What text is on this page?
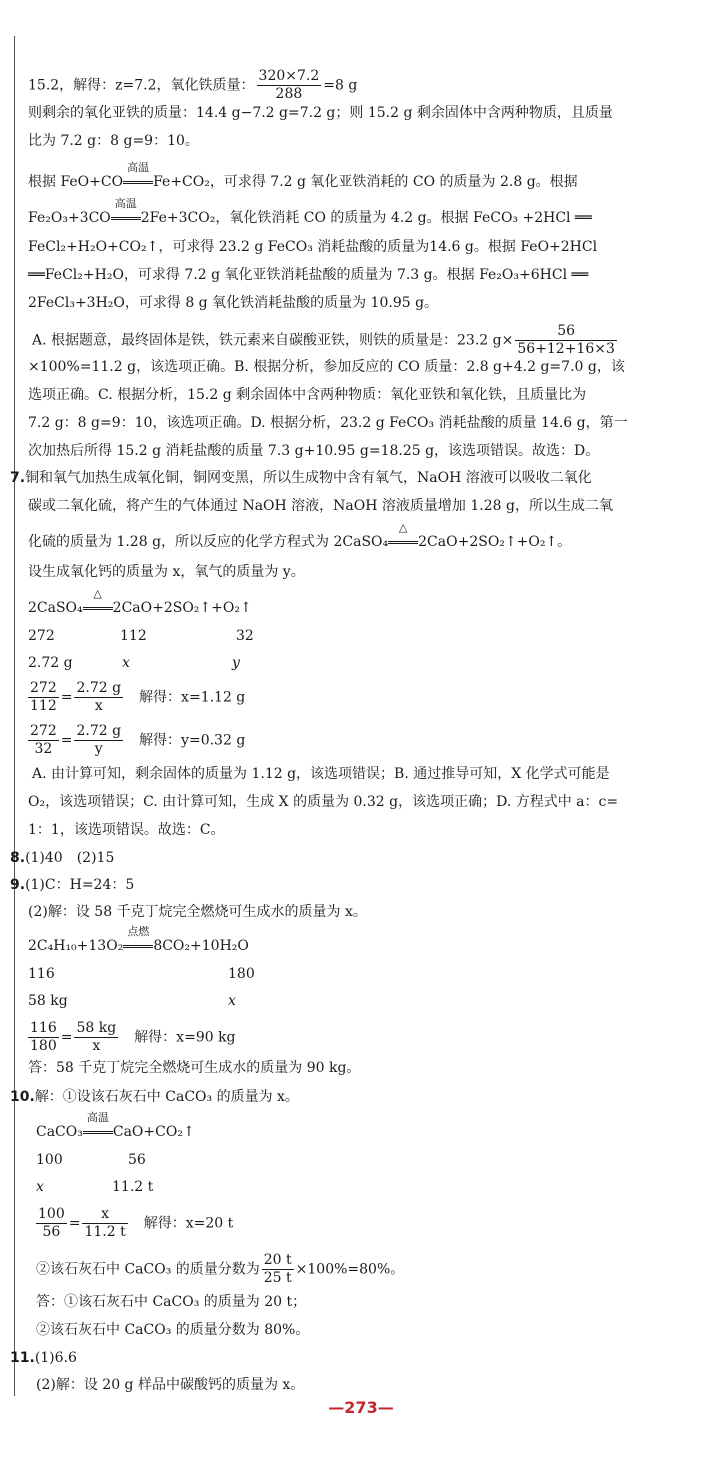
15.2，解得：z=7.2，氧化铁质量： $\frac{320\times 7.2}{288} =8$ g
则剩余的氧化亚铁的质量：14.4 g−7.2 g=7.2 g；则 15.2 g 剩余固体中含两种物质，且质量
比为 7.2 g：8 g=9：10。
根据 FeO+CO
高温
Fe+CO₂，可求得 7.2 g 氧化亚铁消耗的 CO 的质量为 2.8 g。根据
Fe₂O₃+3CO
高温
2Fe+3CO₂，氧化铁消耗 CO 的质量为 4.2 g。根据 FeCO₃ +2HCl ══
FeCl₂+H₂O+CO₂↑，可求得 23.2 g FeCO₃ 消耗盐酸的质量为14.6 g。根据 FeO+2HCl
══FeCl₂+H₂O，可求得 7.2 g 氧化亚铁消耗盐酸的质量为 7.3 g。根据 Fe₂O₃+6HCl ══
2FeCl₃+3H₂O，可求得 8 g 氧化铁消耗盐酸的质量为 10.95 g。
A. 根据题意，最终固体是铁，铁元素来自碳酸亚铁，则铁的质量是：23.2 $g\times \frac{56}{56+12+16\times 3}$
×100%=11.2 g，该选项正确。B. 根据分析，参加反应的 CO 质量：2.8 g+4.2 g=7.0 g，该
选项正确。C. 根据分析，15.2 g 剩余固体中含两种物质：氧化亚铁和氧化铁，且质量比为
7.2 g：8 g=9：10，该选项正确。D. 根据分析，23.2 g FeCO₃ 消耗盐酸的质量 14.6 g，第一
次加热后所得 15.2 g 消耗盐酸的质量 7.3 g+10.95 g=18.25 g，该选项错误。故选：D。
7.铜和氧气加热生成氧化铜，铜网变黑，所以生成物中含有氧气，NaOH 溶液可以吸收二氧化
碳或二氧化硫，将产生的气体通过 NaOH 溶液，NaOH 溶液质量增加 1.28 g，所以生成二氧
化硫的质量为 1.28 g，所以反应的化学方程式为 2CaSO₄
△
2CaO+2SO₂↑+O₂↑。
设生成氧化钙的质量为 x，氧气的质量为 y。
2CaSO₄
△
2CaO+2SO₂↑+O₂↑
272	112	32
2.72 g	x	y
$\frac{272}{112} = \frac{2.72 g}{x}$
　 解得：x=1.12 g
$\frac{272}{32} = \frac{2.72 g}{y}$
　 解得：y=0.32 g
A. 由计算可知，剩余固体的质量为 1.12 g，该选项错误；B. 通过推导可知，X 化学式可能是
O₂，该选项错误；C. 由计算可知，生成 X 的质量为 0.32 g，该选项正确；D. 方程式中 a：c=
1：1，该选项错误。故选：C。
8.(1)40　(2)15
9.(1)C：H=24：5
(2)解：设 58 千克丁烷完全燃烧可生成水的质量为 x。
2C₄H₁₀+13O₂
点燃
8CO₂+10H₂O
116	180
58 kg	x
$\frac{116}{180} = \frac{58 kg}{x}$
　 解得：x=90 kg
答：58 千克丁烷完全燃烧可生成水的质量为 90 kg。
10.解：①设该石灰石中 CaCO₃ 的质量为 x。
CaCO₃
高温
CaO+CO₂↑
100	56
x	11.2 t
$\frac{100}{56} = \frac{x}{11.2 t}$
　 解得：x=20 t
②该石灰石中 CaCO₃ 的质量分数为 $\frac{20 t}{25 t} \times 100\%=80\%$。
答：①该石灰石中 CaCO₃ 的质量为 20 t；
②该石灰石中 CaCO₃ 的质量分数为 80%。
11.(1)6.6
(2)解：设 20 g 样品中碳酸钙的质量为 x。
—273—
